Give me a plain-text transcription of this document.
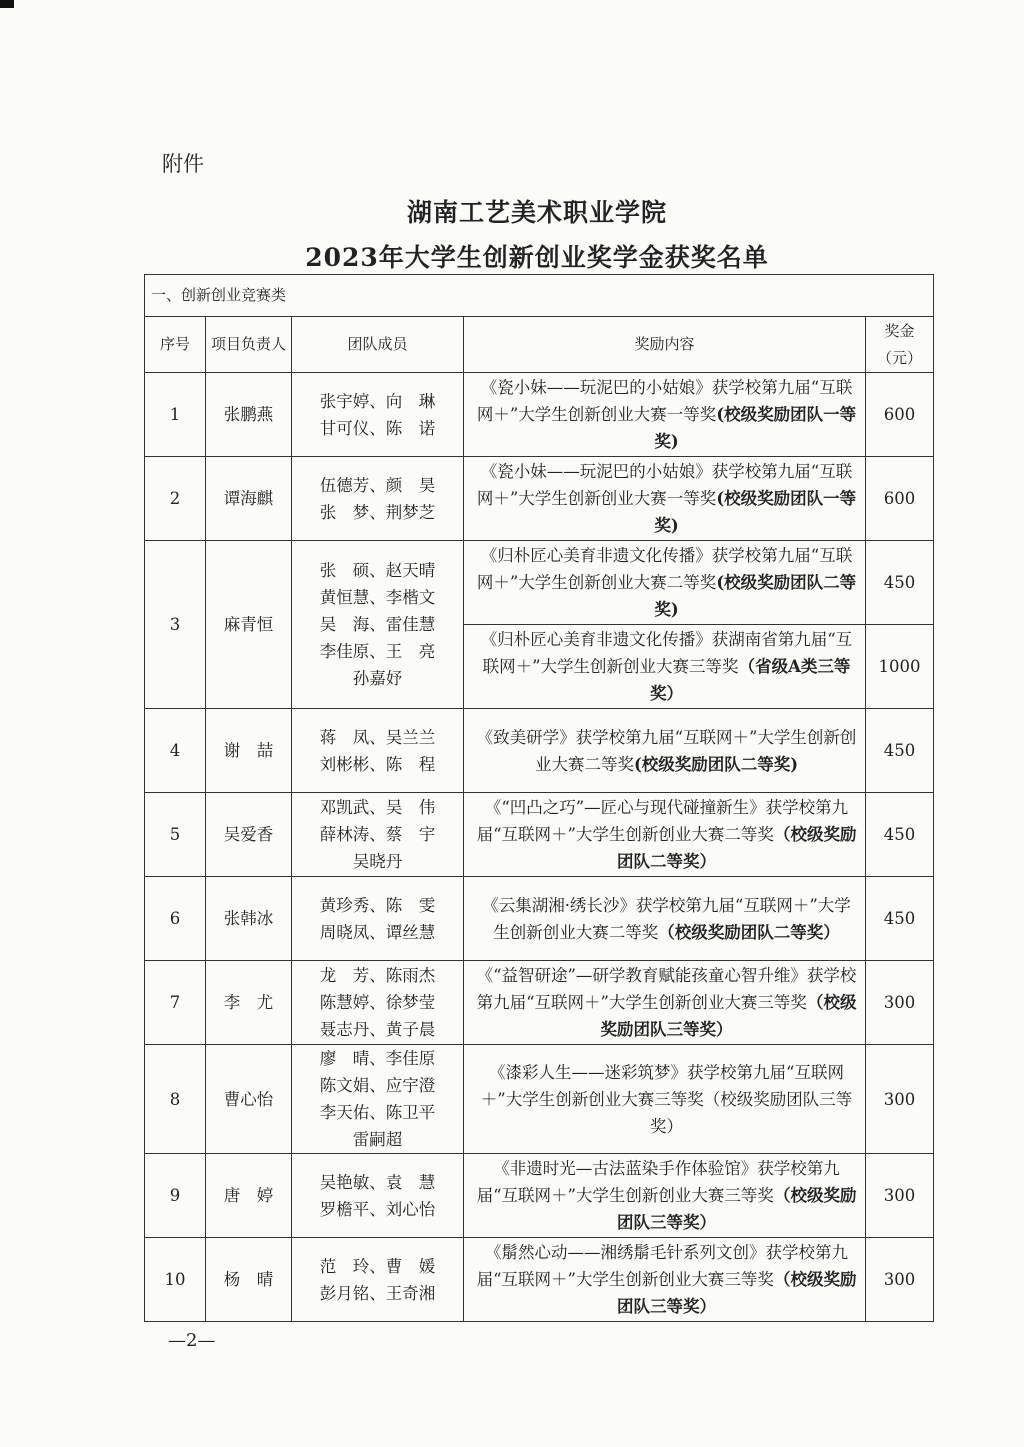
附件
湖南工艺美术职业学院
2023年大学生创新创业奖学金获奖名单
一、创新创业竞赛类				
序号	项目负责人	团队成员	奖励内容	奖金（元）
1	张鹏燕	张宇婷、向　琳
甘可仪、陈　诺	《瓷小妹——玩泥巴的小姑娘》获学校第九届“互联网＋”大学生创新创业大赛一等奖(校级奖励团队一等奖)	600
2	谭海麒	伍德芳、颜　昊
张　梦、荆梦芝	《瓷小妹——玩泥巴的小姑娘》获学校第九届“互联网＋”大学生创新创业大赛一等奖(校级奖励团队一等奖)	600
3	麻青恒	张　硕、赵天晴
黄恒慧、李楷文
吴　海、雷佳慧
李佳原、王　亮
孙嘉妤	《归朴匠心美育非遗文化传播》获学校第九届“互联网＋”大学生创新创业大赛二等奖(校级奖励团队二等奖)	450
			《归朴匠心美育非遗文化传播》获湖南省第九届“互联网＋”大学生创新创业大赛三等奖（省级A类三等奖）	1000
4	谢　喆	蒋　凤、吴兰兰
刘彬彬、陈　程	《致美研学》获学校第九届“互联网＋”大学生创新创业大赛二等奖(校级奖励团队二等奖)	450
5	吴爱香	邓凯武、吴　伟
薛林涛、蔡　宇
吴晓丹	《“凹凸之巧”—匠心与现代碰撞新生》获学校第九届“互联网＋”大学生创新创业大赛二等奖（校级奖励团队二等奖）	450
6	张韩冰	黄珍秀、陈　雯
周晓凤、谭丝慧	《云集湖湘·绣长沙》获学校第九届“互联网＋”大学生创新创业大赛二等奖（校级奖励团队二等奖）	450
7	李　尤	龙　芳、陈雨杰
陈慧婷、徐梦莹
聂志丹、黄子晨	《“益智研途”—研学教育赋能孩童心智升维》获学校第九届“互联网＋”大学生创新创业大赛三等奖（校级奖励团队三等奖）	300
8	曹心怡	廖　晴、李佳原
陈文娟、应宇澄
李天佑、陈卫平
雷嗣超	《漆彩人生——迷彩筑梦》获学校第九届“互联网＋”大学生创新创业大赛三等奖（校级奖励团队三等奖）	300
9	唐　婷	吴艳敏、袁　慧
罗檐平、刘心怡	《非遗时光—古法蓝染手作体验馆》获学校第九届“互联网＋”大学生创新创业大赛三等奖（校级奖励团队三等奖）	300
10	杨　晴	范　玲、曹　媛
彭月铭、王奇湘	《鬅然心动——湘绣鬅毛针系列文创》获学校第九届“互联网＋”大学生创新创业大赛三等奖（校级奖励团队三等奖）	300
—2—
